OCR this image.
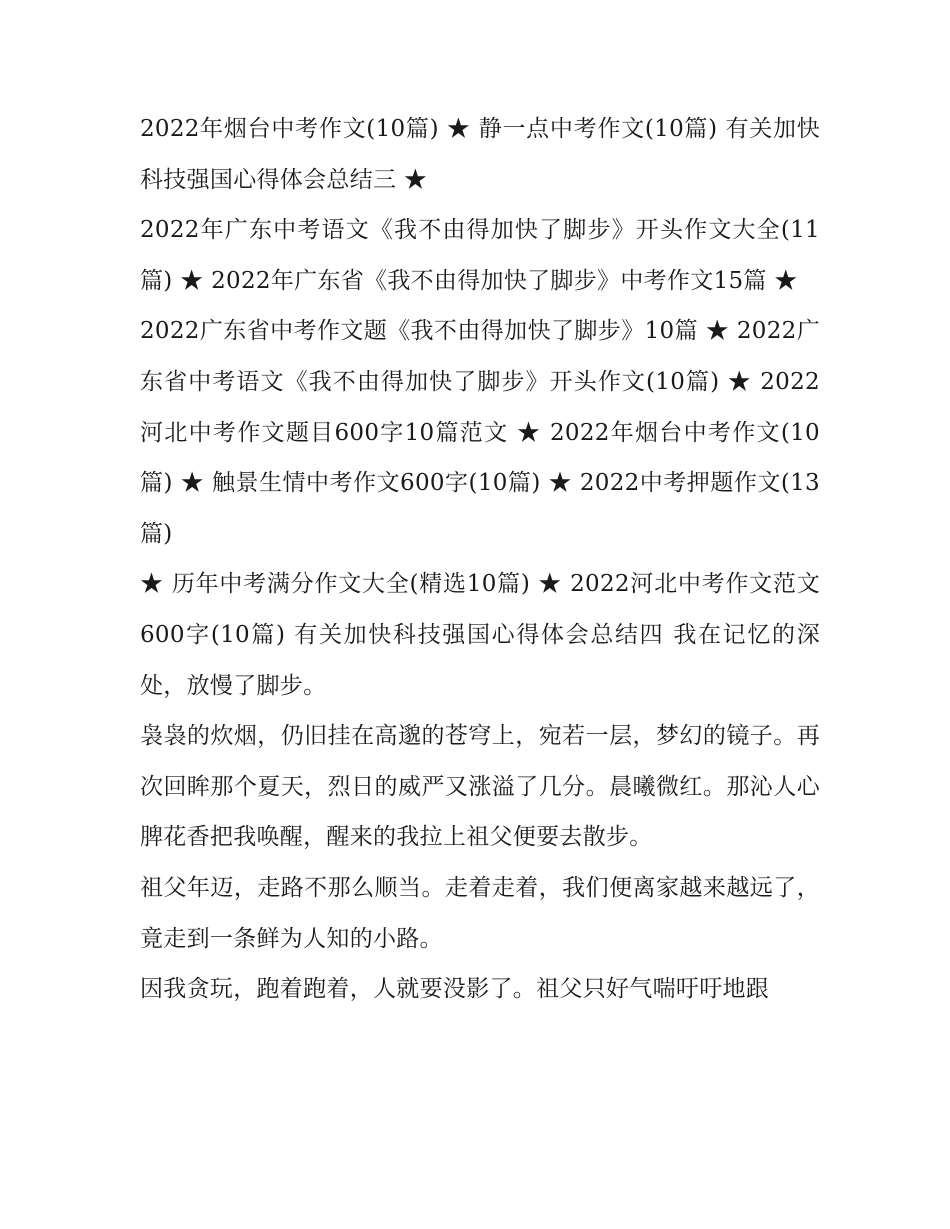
2022年烟台中考作文(10篇) ★ 静一点中考作文(10篇) 有关加快科技强国心得体会总结三 ★

2022年广东中考语文《我不由得加快了脚步》开头作文大全(11篇) ★ 2022年广东省《我不由得加快了脚步》中考作文15篇 ★

2022广东省中考作文题《我不由得加快了脚步》10篇 ★ 2022广东省中考语文《我不由得加快了脚步》开头作文(10篇) ★ 2022河北中考作文题目600字10篇范文 ★ 2022年烟台中考作文(10篇) ★ 触景生情中考作文600字(10篇) ★ 2022中考押题作文(13篇)

★ 历年中考满分作文大全(精选10篇) ★ 2022河北中考作文范文600字(10篇) 有关加快科技强国心得体会总结四 我在记忆的深处，放慢了脚步。

袅袅的炊烟，仍旧挂在高邈的苍穹上，宛若一层，梦幻的镜子。再次回眸那个夏天，烈日的威严又涨溢了几分。晨曦微红。那沁人心脾花香把我唤醒，醒来的我拉上祖父便要去散步。

祖父年迈，走路不那么顺当。走着走着，我们便离家越来越远了，竟走到一条鲜为人知的小路。

因我贪玩，跑着跑着，人就要没影了。祖父只好气喘吁吁地跟
